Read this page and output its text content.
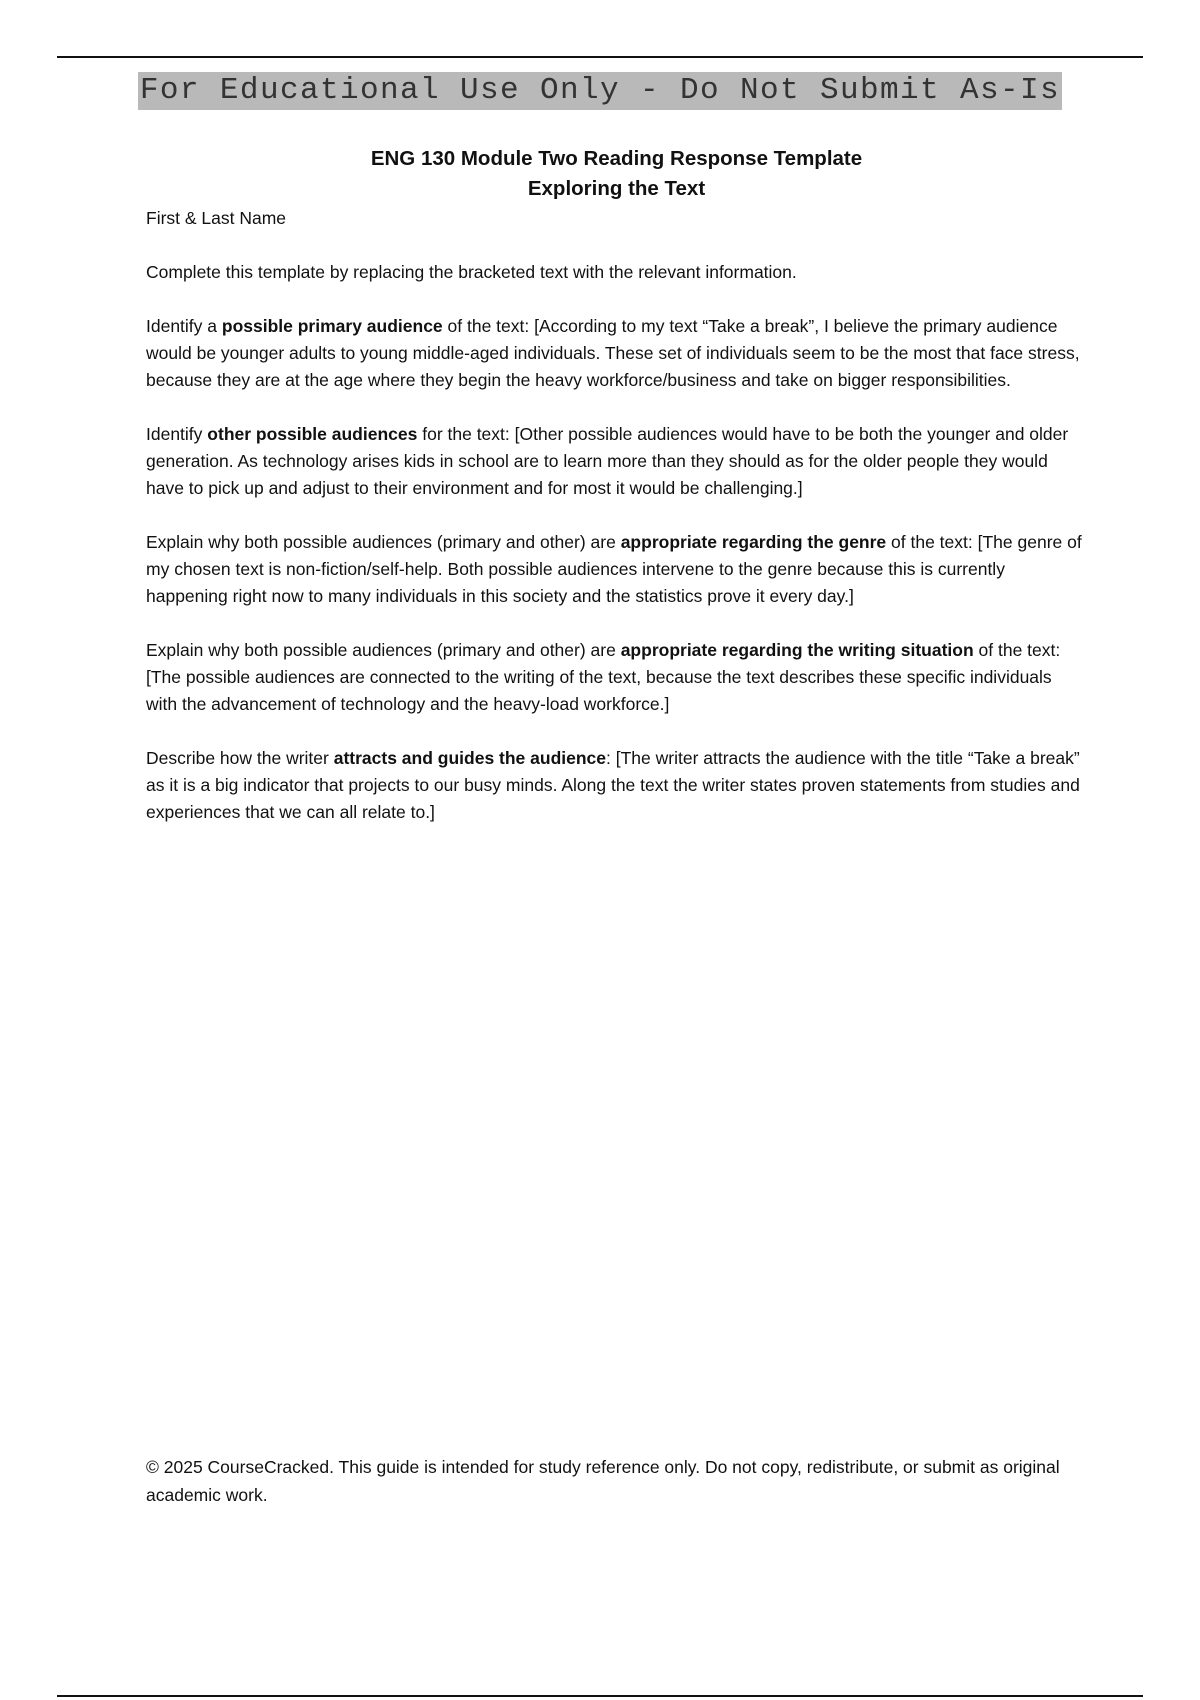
For Educational Use Only - Do Not Submit As-Is
ENG 130 Module Two Reading Response Template
Exploring the Text

First & Last Name

Complete this template by replacing the bracketed text with the relevant information.

Identify a possible primary audience of the text: [According to my text “Take a break”, I believe the primary audience would be younger adults to young middle-aged individuals. These set of individuals seem to be the most that face stress, because they are at the age where they begin the heavy workforce/business and take on bigger responsibilities.

Identify other possible audiences for the text: [Other possible audiences would have to be both the younger and older generation. As technology arises kids in school are to learn more than they should as for the older people they would have to pick up and adjust to their environment and for most it would be challenging.]

Explain why both possible audiences (primary and other) are appropriate regarding the genre of the text: [The genre of my chosen text is non-fiction/self-help. Both possible audiences intervene to the genre because this is currently happening right now to many individuals in this society and the statistics prove it every day.]

Explain why both possible audiences (primary and other) are appropriate regarding the writing situation of the text: [The possible audiences are connected to the writing of the text, because the text describes these specific individuals with the advancement of technology and the heavy-load workforce.]

Describe how the writer attracts and guides the audience: [The writer attracts the audience with the title “Take a break” as it is a big indicator that projects to our busy minds. Along the text the writer states proven statements from studies and experiences that we can all relate to.]

© 2025 CourseCracked. This guide is intended for study reference only. Do not copy, redistribute, or submit as original academic work.
